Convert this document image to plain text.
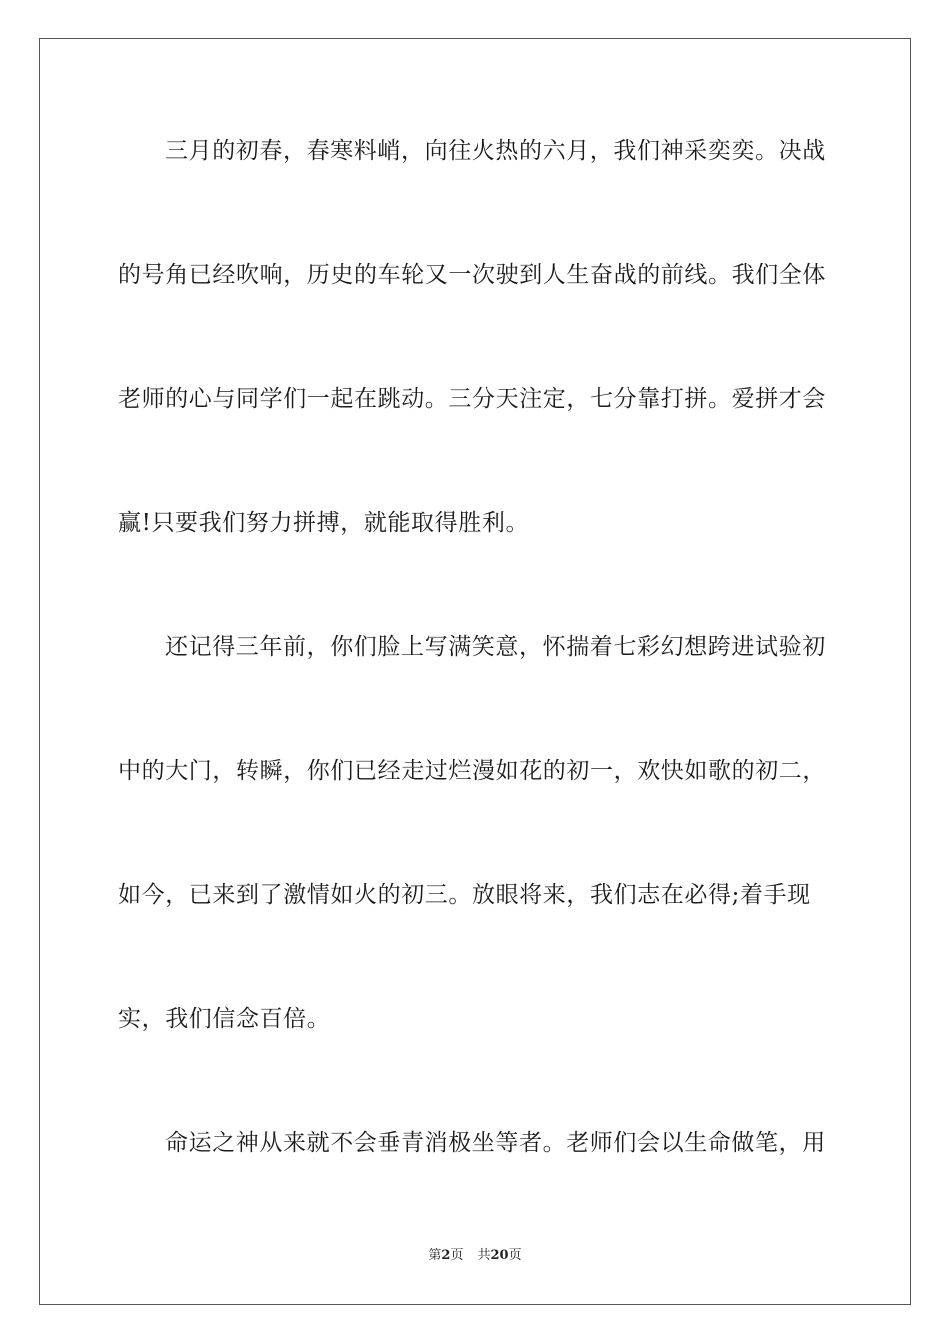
三月的初春，春寒料峭，向往火热的六月，我们神采奕奕。决战
的号角已经吹响，历史的车轮又一次驶到人生奋战的前线。我们全体
老师的心与同学们一起在跳动。三分天注定，七分靠打拼。爱拼才会
赢!只要我们努力拼搏，就能取得胜利。
还记得三年前，你们脸上写满笑意，怀揣着七彩幻想跨进试验初
中的大门，转瞬，你们已经走过烂漫如花的初一，欢快如歌的初二，
如今，已来到了激情如火的初三。放眼将来，我们志在必得;着手现
实，我们信念百倍。
命运之神从来就不会垂青消极坐等者。老师们会以生命做笔，用
第2页 共20页
